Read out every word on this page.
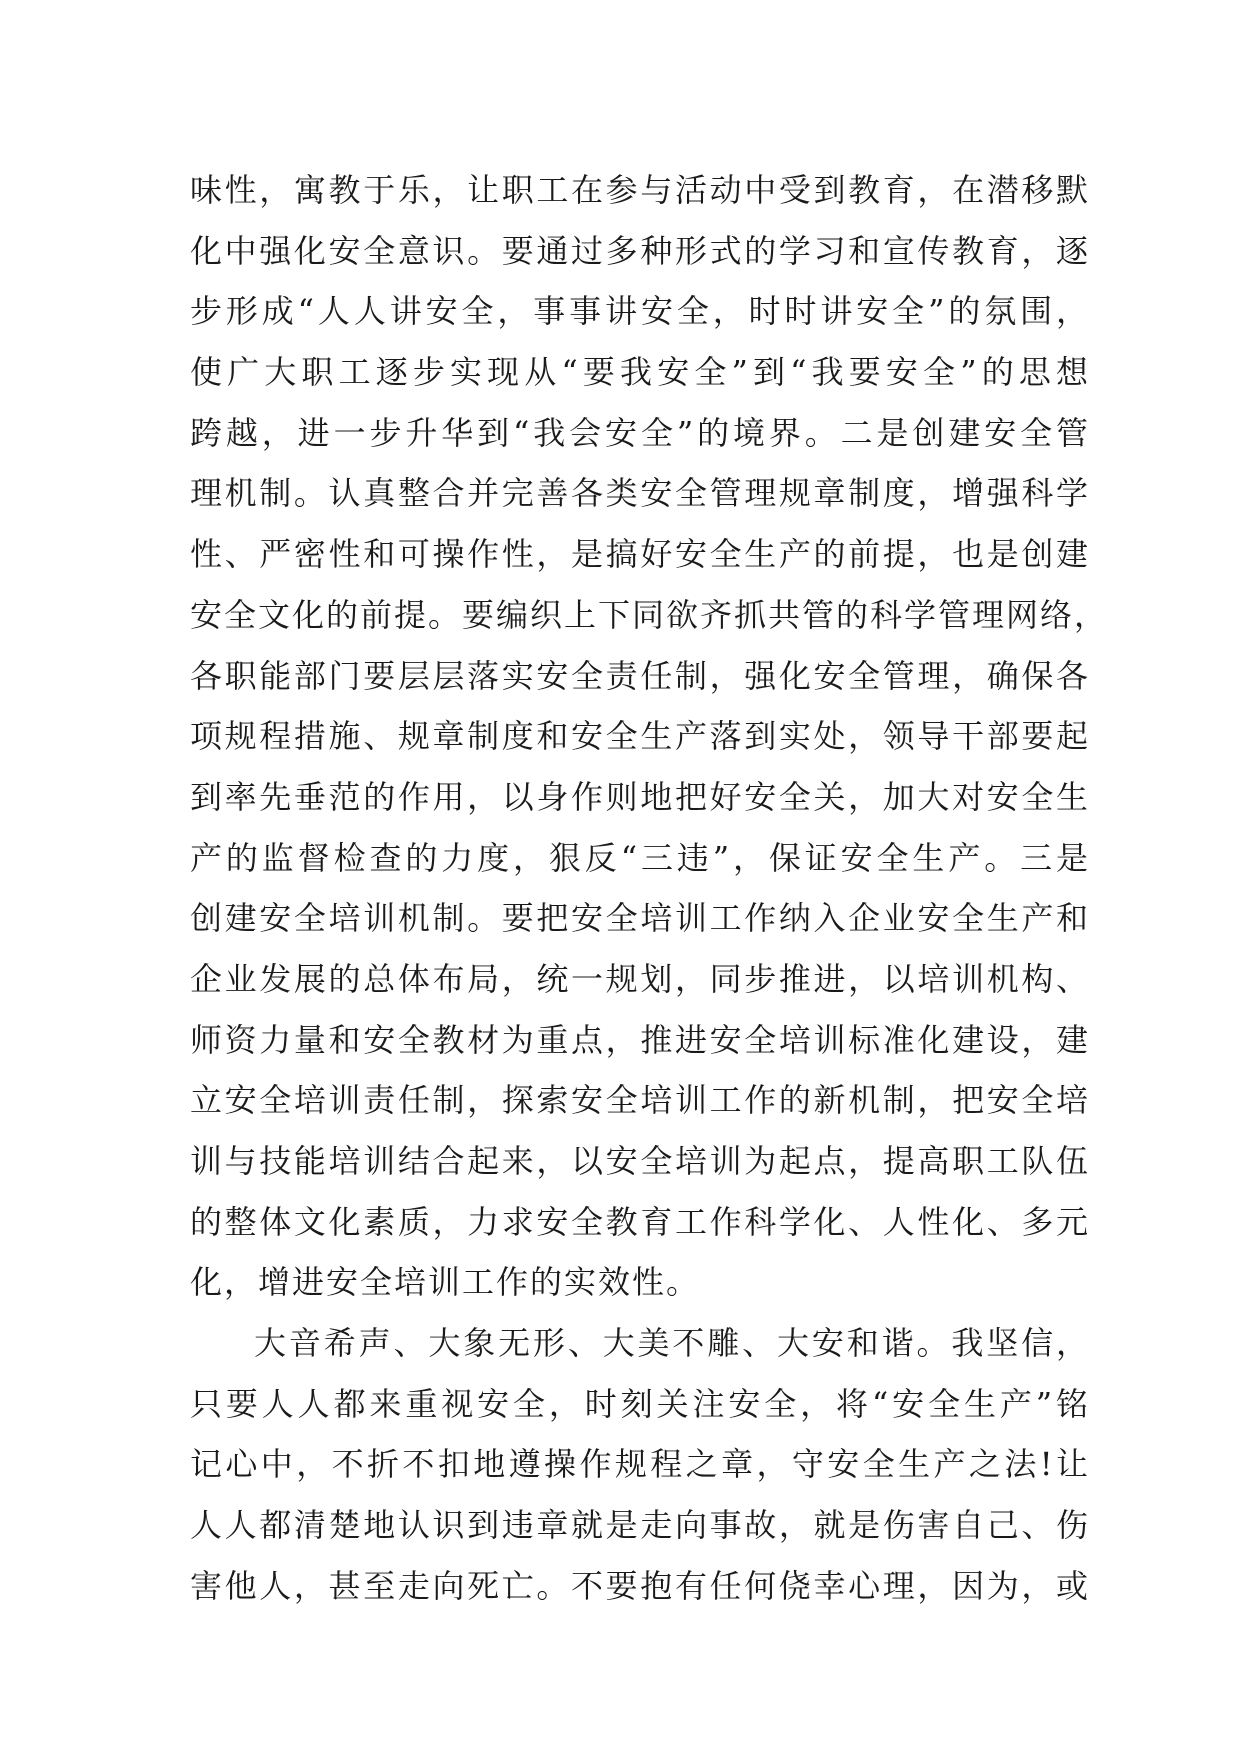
味性，寓教于乐，让职工在参与活动中受到教育，在潜移默
化中强化安全意识。要通过多种形式的学习和宣传教育，逐
步形成“人人讲安全，事事讲安全，时时讲安全”的氛围，
使广大职工逐步实现从“要我安全”到“我要安全”的思想
跨越，进一步升华到“我会安全”的境界。二是创建安全管
理机制。认真整合并完善各类安全管理规章制度，增强科学
性、严密性和可操作性，是搞好安全生产的前提，也是创建
安全文化的前提。要编织上下同欲齐抓共管的科学管理网络，
各职能部门要层层落实安全责任制，强化安全管理，确保各
项规程措施、规章制度和安全生产落到实处，领导干部要起
到率先垂范的作用，以身作则地把好安全关，加大对安全生
产的监督检查的力度，狠反“三违”，保证安全生产。三是
创建安全培训机制。要把安全培训工作纳入企业安全生产和
企业发展的总体布局，统一规划，同步推进，以培训机构、
师资力量和安全教材为重点，推进安全培训标准化建设，建
立安全培训责任制，探索安全培训工作的新机制，把安全培
训与技能培训结合起来，以安全培训为起点，提高职工队伍
的整体文化素质，力求安全教育工作科学化、人性化、多元
化，增进安全培训工作的实效性。
大音希声、大象无形、大美不雕、大安和谐。我坚信，
只要人人都来重视安全，时刻关注安全，将“安全生产”铭
记心中，不折不扣地遵操作规程之章，守安全生产之法!让
人人都清楚地认识到违章就是走向事故，就是伤害自己、伤
害他人，甚至走向死亡。不要抱有任何侥幸心理，因为，或
